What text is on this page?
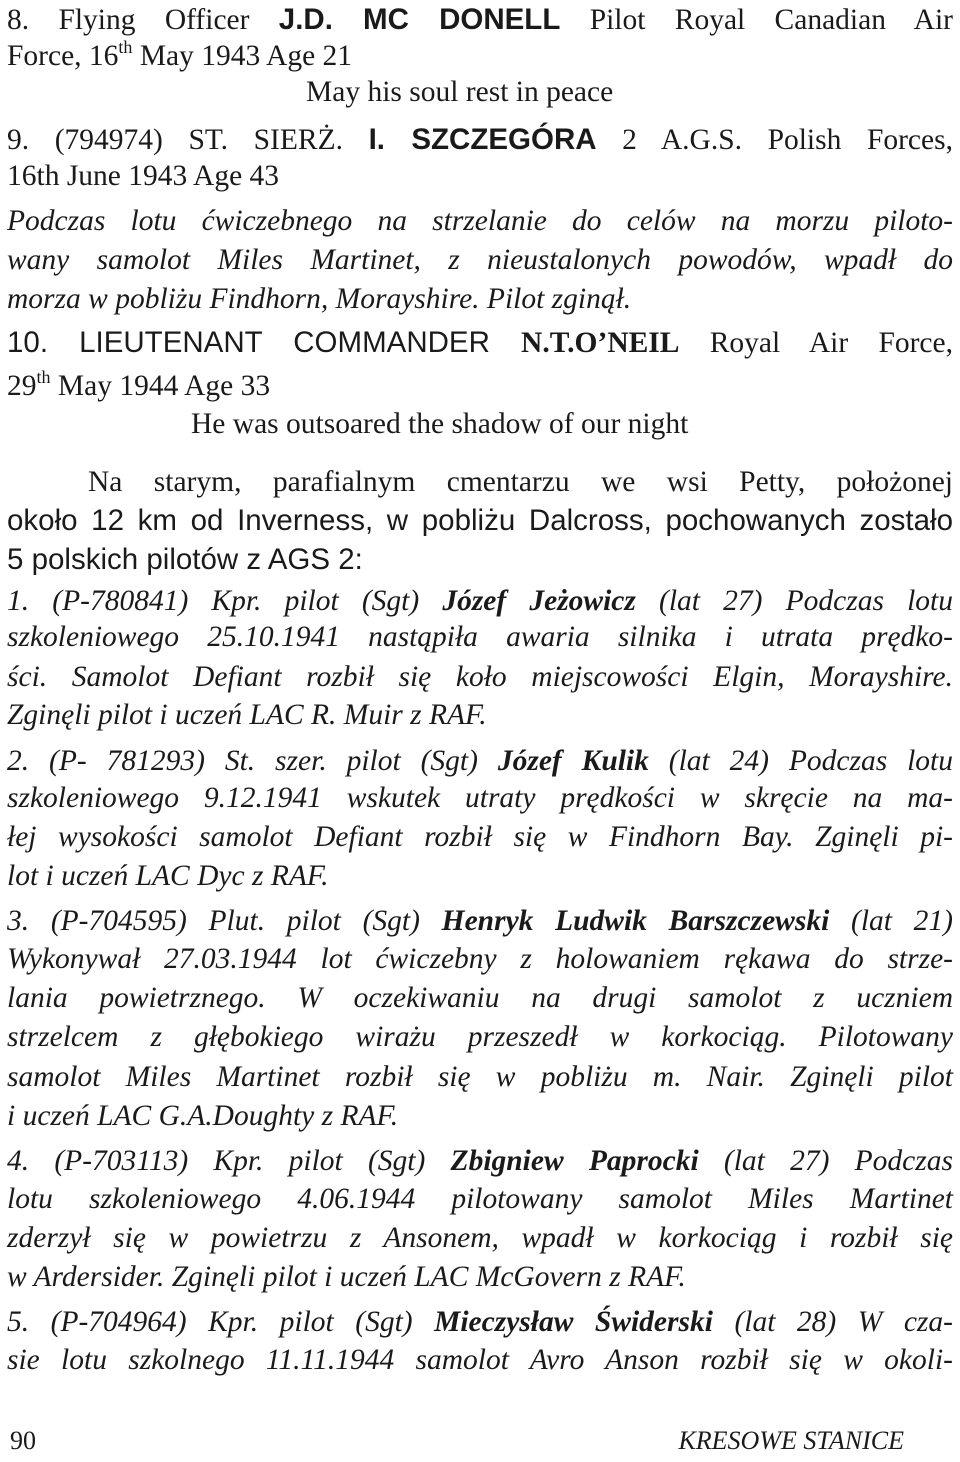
8. Flying Officer J.D. MC DONELL Pilot Royal Canadian Air
Force, 16th May 1943 Age 21
May his soul rest in peace
9. (794974) ST. SIERŻ. I. SZCZEGÓRA 2 A.G.S. Polish Forces,
16th June 1943 Age 43
Podczas lotu ćwiczebnego na strzelanie do celów na morzu piloto-
wany samolot Miles Martinet, z nieustalonych powodów, wpadł do
morza w pobliżu Findhorn, Morayshire. Pilot zginął.
10. LIEUTENANT COMMANDER N.T.O’NEIL Royal Air Force,
29th May 1944 Age 33
He was outsoared the shadow of our night
Na starym, parafialnym cmentarzu we wsi Petty, położonej
około 12 km od Inverness, w pobliżu Dalcross, pochowanych zostało
5 polskich pilotów z AGS 2:
1. (P-780841) Kpr. pilot (Sgt) Józef Jeżowicz (lat 27) Podczas lotu
szkoleniowego 25.10.1941 nastąpiła awaria silnika i utrata prędko-
ści. Samolot Defiant rozbił się koło miejscowości Elgin, Morayshire.
Zginęli pilot i uczeń LAC R. Muir z RAF.
2. (P- 781293) St. szer. pilot (Sgt) Józef Kulik (lat 24) Podczas lotu
szkoleniowego 9.12.1941 wskutek utraty prędkości w skręcie na ma-
łej wysokości samolot Defiant rozbił się w Findhorn Bay. Zginęli pi-
lot i uczeń LAC Dyc z RAF.
3. (P-704595) Plut. pilot (Sgt) Henryk Ludwik Barszczewski (lat 21)
Wykonywał 27.03.1944 lot ćwiczebny z holowaniem rękawa do strze-
lania powietrznego. W oczekiwaniu na drugi samolot z uczniem
strzelcem z głębokiego wirażu przeszedł w korkociąg. Pilotowany
samolot Miles Martinet rozbił się w pobliżu m. Nair. Zginęli pilot
i uczeń LAC G.A.Doughty z RAF.
4. (P-703113) Kpr. pilot (Sgt) Zbigniew Paprocki (lat 27) Podczas
lotu szkoleniowego 4.06.1944 pilotowany samolot Miles Martinet
zderzył się w powietrzu z Ansonem, wpadł w korkociąg i rozbił się
w Ardersider. Zginęli pilot i uczeń LAC McGovern z RAF.
5. (P-704964) Kpr. pilot (Sgt) Mieczysław Świderski (lat 28) W cza-
sie lotu szkolnego 11.11.1944 samolot Avro Anson rozbił się w okoli-
90	KRESOWE STANICE
